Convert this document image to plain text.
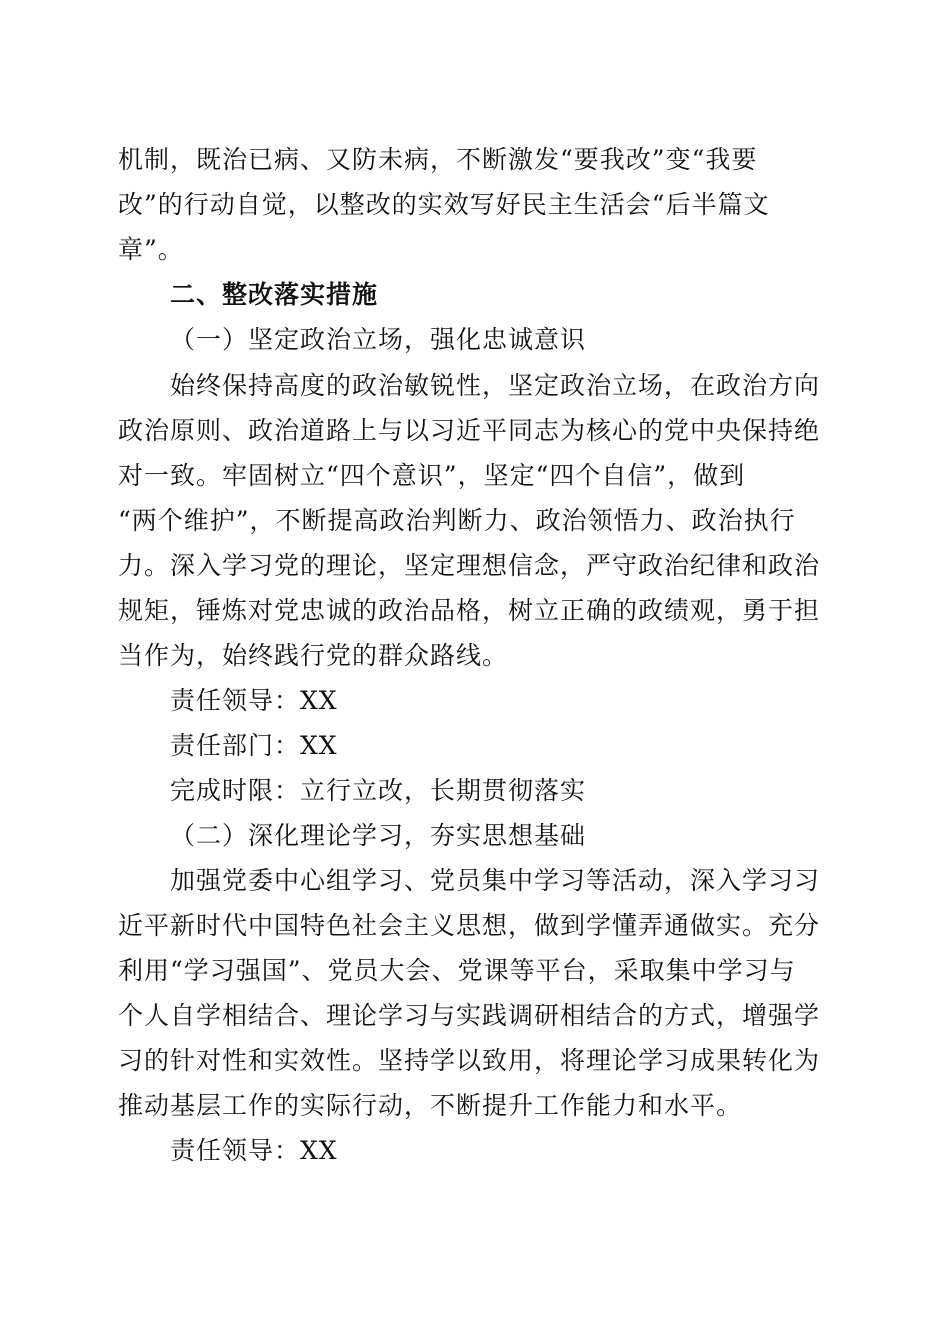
机制，既治已病、又防未病，不断激发“要我改”变“我要
改”的行动自觉，以整改的实效写好民主生活会“后半篇文
章”。
二、整改落实措施
（一）坚定政治立场，强化忠诚意识
始终保持高度的政治敏锐性，坚定政治立场，在政治方向
政治原则、政治道路上与以习近平同志为核心的党中央保持绝
对一致。牢固树立“四个意识”，坚定“四个自信”，做到
“两个维护”，不断提高政治判断力、政治领悟力、政治执行
力。深入学习党的理论，坚定理想信念，严守政治纪律和政治
规矩，锤炼对党忠诚的政治品格，树立正确的政绩观，勇于担
当作为，始终践行党的群众路线。
责任领导：XX
责任部门：XX
完成时限：立行立改，长期贯彻落实
（二）深化理论学习，夯实思想基础
加强党委中心组学习、党员集中学习等活动，深入学习习
近平新时代中国特色社会主义思想，做到学懂弄通做实。充分
利用“学习强国”、党员大会、党课等平台，采取集中学习与
个人自学相结合、理论学习与实践调研相结合的方式，增强学
习的针对性和实效性。坚持学以致用，将理论学习成果转化为
推动基层工作的实际行动，不断提升工作能力和水平。
责任领导：XX
